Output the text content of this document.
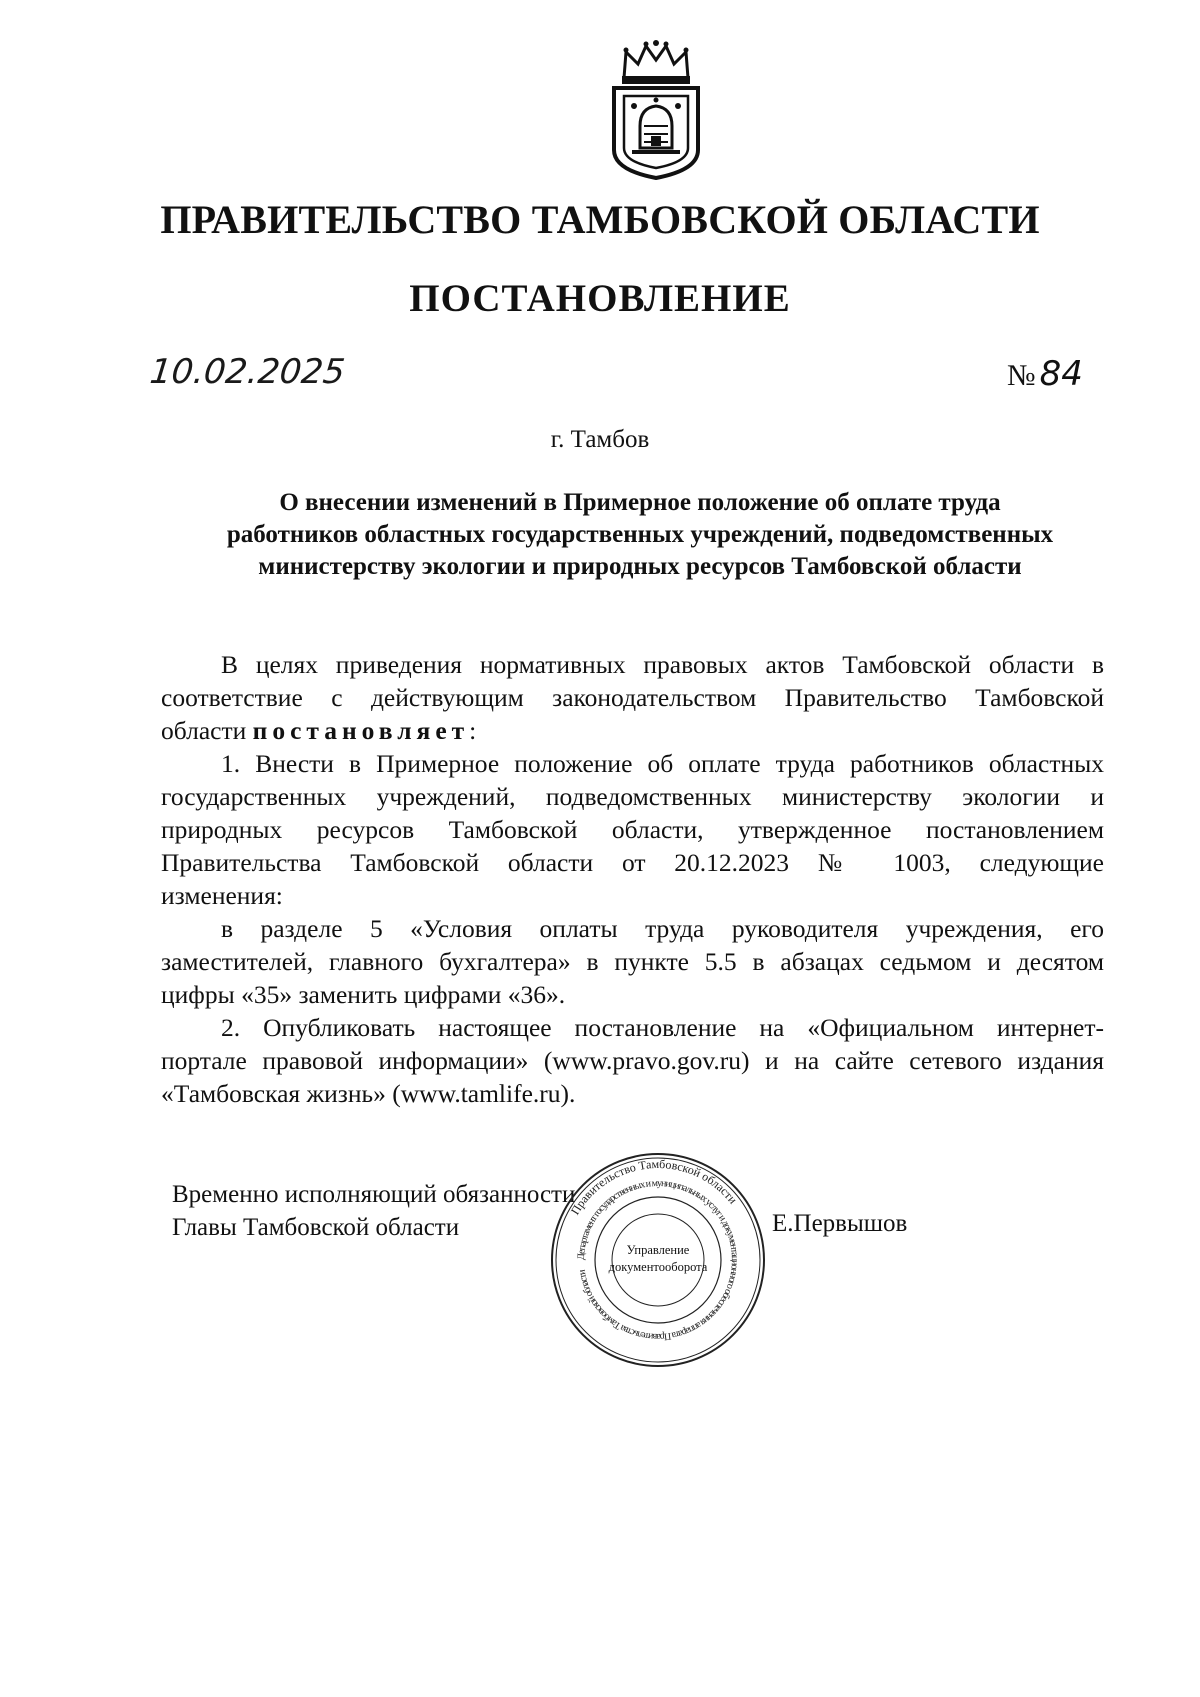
ПРАВИТЕЛЬСТВО ТАМБОВСКОЙ ОБЛАСТИ
ПОСТАНОВЛЕНИЕ
10.02.2025	№ 84
г. Тамбов
О внесении изменений в Примерное положение об оплате труда
работников областных государственных учреждений, подведомственных
министерству экологии и природных ресурсов Тамбовской области
В целях приведения нормативных правовых актов Тамбовской области в
соответствие с действующим законодательством Правительство Тамбовской
области постановляет:
1. Внести в Примерное положение об оплате труда работников областных
государственных учреждений, подведомственных министерству экологии и
природных ресурсов Тамбовской области, утвержденное постановлением
Правительства Тамбовской области от 20.12.2023 № 1003, следующие
изменения:
в разделе 5 «Условия оплаты труда руководителя учреждения, его
заместителей, главного бухгалтера» в пункте 5.5 в абзацах седьмом и десятом
цифры «35» заменить цифрами «36».
2. Опубликовать настоящее постановление на «Официальном интернет-
портале правовой информации» (www.pravo.gov.ru) и на сайте сетевого издания
«Тамбовская жизнь» (www.tamlife.ru).
Временно исполняющий обязанности
Главы Тамбовской области	Е.Первышов
Правительство Тамбовской области
Департамент государственных и муниципальных услуг и документационного обеспечения аппарата Правительства Тамбовской области
Управление
документооборота
